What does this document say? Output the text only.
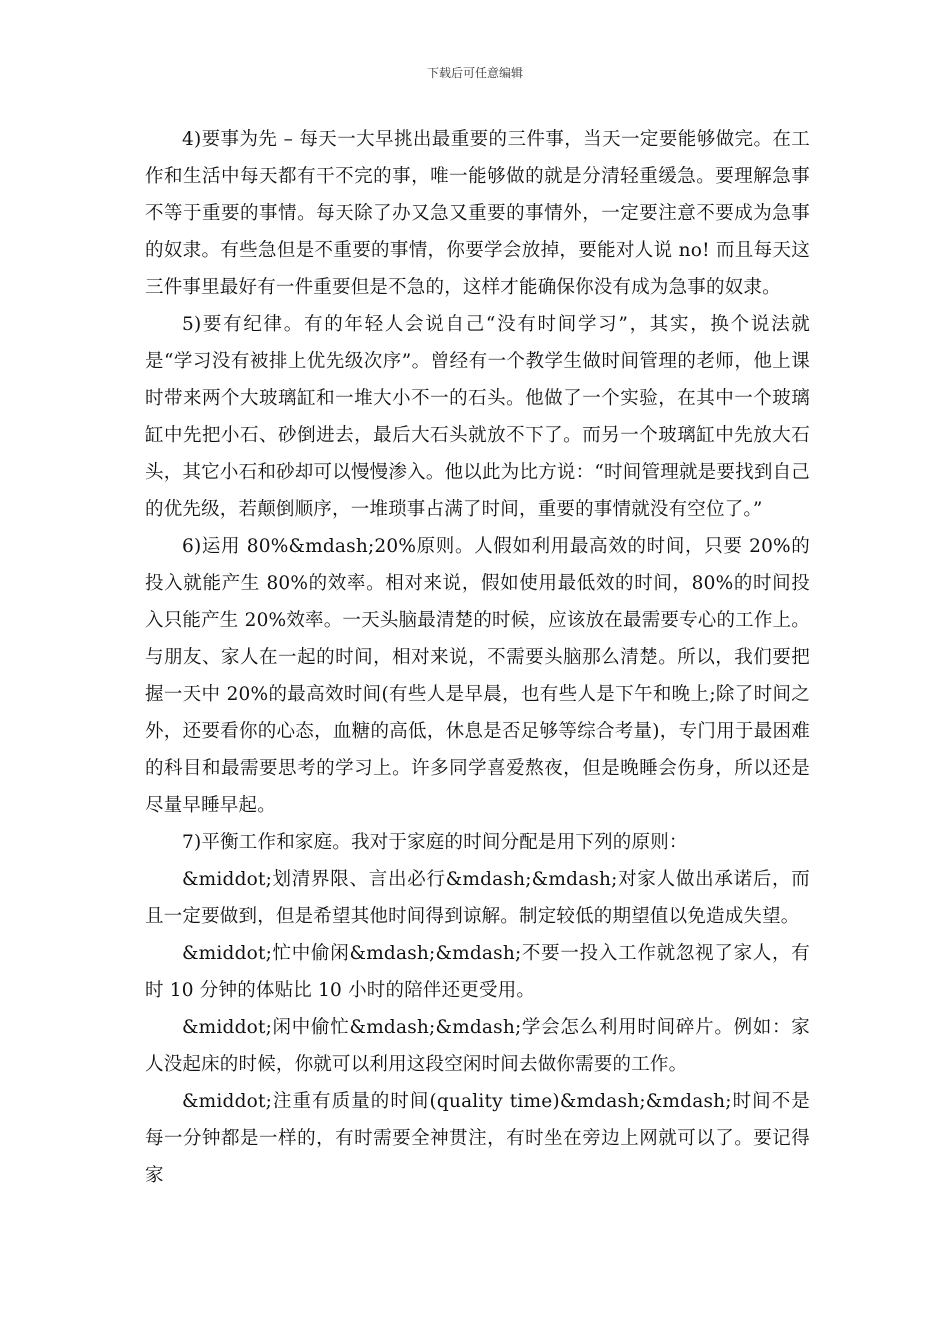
下载后可任意编辑

4)要事为先 – 每天一大早挑出最重要的三件事，当天一定要能够做完。在工作和生活中每天都有干不完的事，唯一能够做的就是分清轻重缓急。要理解急事不等于重要的事情。每天除了办又急又重要的事情外，一定要注意不要成为急事的奴隶。有些急但是不重要的事情，你要学会放掉，要能对人说 no! 而且每天这三件事里最好有一件重要但是不急的，这样才能确保你没有成为急事的奴隶。

5)要有纪律。有的年轻人会说自己“没有时间学习”，其实，换个说法就是“学习没有被排上优先级次序”。曾经有一个教学生做时间管理的老师，他上课时带来两个大玻璃缸和一堆大小不一的石头。他做了一个实验，在其中一个玻璃缸中先把小石、砂倒进去，最后大石头就放不下了。而另一个玻璃缸中先放大石头，其它小石和砂却可以慢慢渗入。他以此为比方说：“时间管理就是要找到自己的优先级，若颠倒顺序，一堆琐事占满了时间，重要的事情就没有空位了。”

6)运用 80%&mdash;20%原则。人假如利用最高效的时间，只要 20%的投入就能产生 80%的效率。相对来说，假如使用最低效的时间，80%的时间投入只能产生 20%效率。一天头脑最清楚的时候，应该放在最需要专心的工作上。与朋友、家人在一起的时间，相对来说，不需要头脑那么清楚。所以，我们要把握一天中 20%的最高效时间(有些人是早晨，也有些人是下午和晚上;除了时间之外，还要看你的心态，血糖的高低，休息是否足够等综合考量)，专门用于最困难的科目和最需要思考的学习上。许多同学喜爱熬夜，但是晚睡会伤身，所以还是尽量早睡早起。

7)平衡工作和家庭。我对于家庭的时间分配是用下列的原则：

&middot;划清界限、言出必行&mdash;&mdash;对家人做出承诺后，而且一定要做到，但是希望其他时间得到谅解。制定较低的期望值以免造成失望。

&middot;忙中偷闲&mdash;&mdash;不要一投入工作就忽视了家人，有时 10 分钟的体贴比 10 小时的陪伴还更受用。

&middot;闲中偷忙&mdash;&mdash;学会怎么利用时间碎片。例如：家人没起床的时候，你就可以利用这段空闲时间去做你需要的工作。

&middot;注重有质量的时间(quality time)&mdash;&mdash;时间不是每一分钟都是一样的，有时需要全神贯注，有时坐在旁边上网就可以了。要记得家
